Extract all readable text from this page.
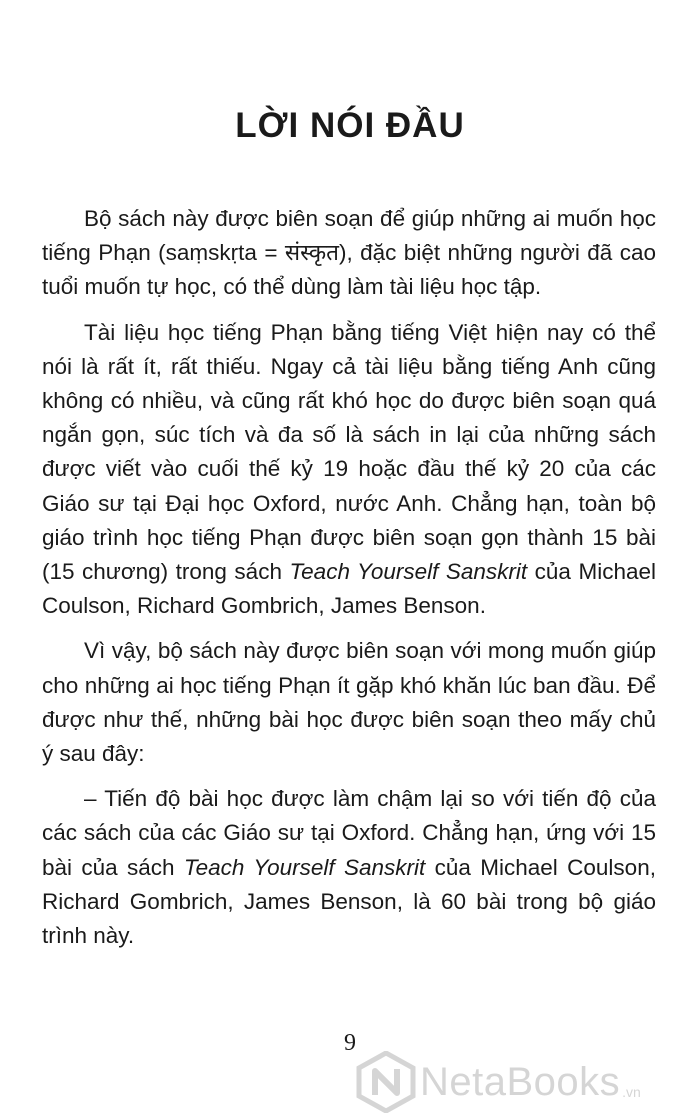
LỜI NÓI ĐẦU

Bộ sách này được biên soạn để giúp những ai muốn học tiếng Phạn (saṃskṛta = संस्कृत), đặc biệt những người đã cao tuổi muốn tự học, có thể dùng làm tài liệu học tập.

Tài liệu học tiếng Phạn bằng tiếng Việt hiện nay có thể nói là rất ít, rất thiếu. Ngay cả tài liệu bằng tiếng Anh cũng không có nhiều, và cũng rất khó học do được biên soạn quá ngắn gọn, súc tích và đa số là sách in lại của những sách được viết vào cuối thế kỷ 19 hoặc đầu thế kỷ 20 của các Giáo sư tại Đại học Oxford, nước Anh. Chẳng hạn, toàn bộ giáo trình học tiếng Phạn được biên soạn gọn thành 15 bài (15 chương) trong sách Teach Yourself Sanskrit của Michael Coulson, Richard Gombrich, James Benson.

Vì vậy, bộ sách này được biên soạn với mong muốn giúp cho những ai học tiếng Phạn ít gặp khó khăn lúc ban đầu. Để được như thế, những bài học được biên soạn theo mấy chủ ý sau đây:

– Tiến độ bài học được làm chậm lại so với tiến độ của các sách của các Giáo sư tại Oxford. Chẳng hạn, ứng với 15 bài của sách Teach Yourself Sanskrit của Michael Coulson, Richard Gombrich, James Benson, là 60 bài trong bộ giáo trình này.

9
NetaBooks .vn
